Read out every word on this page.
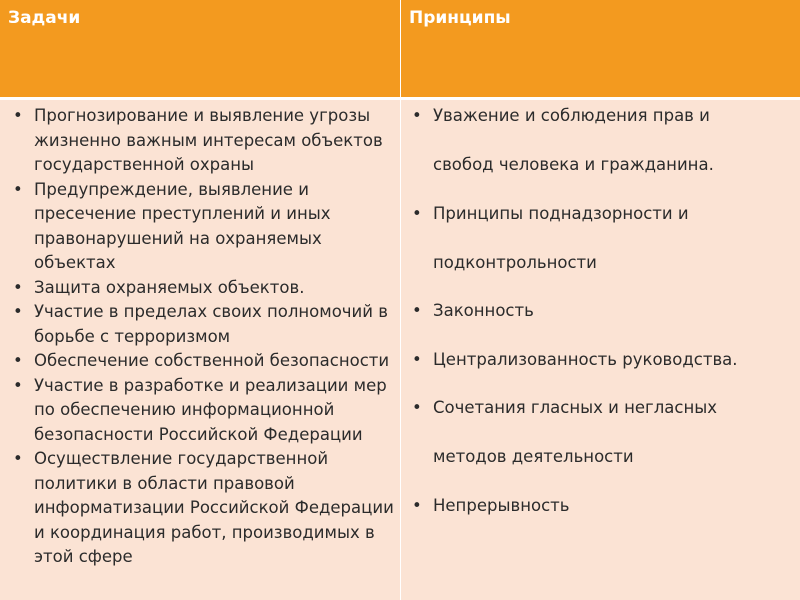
Задачи	Принципы
• Прогнозирование и выявление угрозы жизненно важным интересам объектов государственной охраны
• Предупреждение, выявление и пресечение преступлений и иных правонарушений на охраняемых объектах
• Защита охраняемых объектов.
• Участие в пределах своих полномочий в борьбе с терроризмом
• Обеспечение собственной безопасности
• Участие в разработке и реализации мер по обеспечению информационной безопасности Российской Федерации
• Осуществление государственной политики в области правовой информатизации Российской Федерации и координация работ, производимых в этой сфере
• Уважение и соблюдения прав и
свобод человека и гражданина.
• Принципы поднадзорности и
подконтрольности
• Законность
• Централизованность руководства.
• Сочетания гласных и негласных
методов деятельности
• Непрерывность
